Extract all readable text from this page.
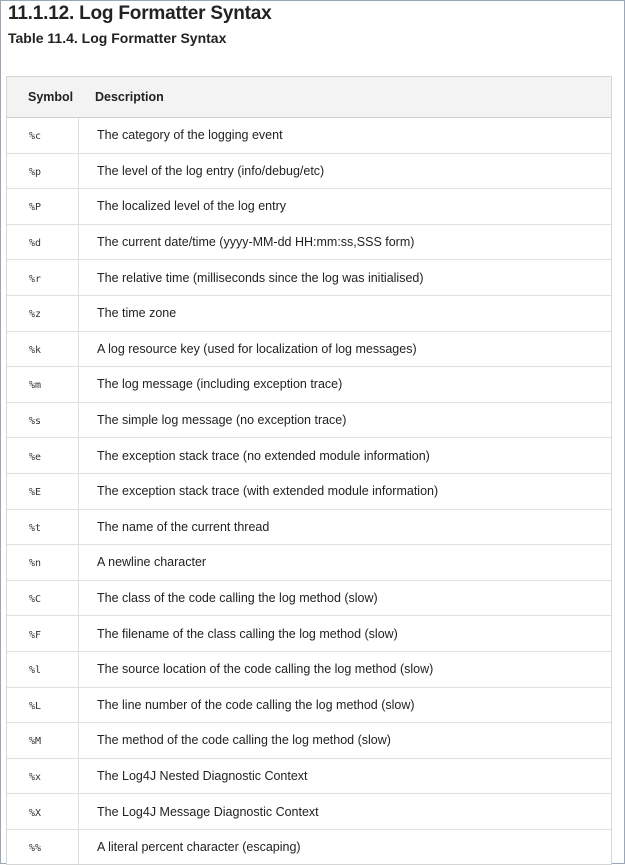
11.1.12. Log Formatter Syntax
Table 11.4. Log Formatter Syntax
Symbol	Description
%c	The category of the logging event
%p	The level of the log entry (info/debug/etc)
%P	The localized level of the log entry
%d	The current date/time (yyyy-MM-dd HH:mm:ss,SSS form)
%r	The relative time (milliseconds since the log was initialised)
%z	The time zone
%k	A log resource key (used for localization of log messages)
%m	The log message (including exception trace)
%s	The simple log message (no exception trace)
%e	The exception stack trace (no extended module information)
%E	The exception stack trace (with extended module information)
%t	The name of the current thread
%n	A newline character
%C	The class of the code calling the log method (slow)
%F	The filename of the class calling the log method (slow)
%l	The source location of the code calling the log method (slow)
%L	The line number of the code calling the log method (slow)
%M	The method of the code calling the log method (slow)
%x	The Log4J Nested Diagnostic Context
%X	The Log4J Message Diagnostic Context
%%	A literal percent character (escaping)
